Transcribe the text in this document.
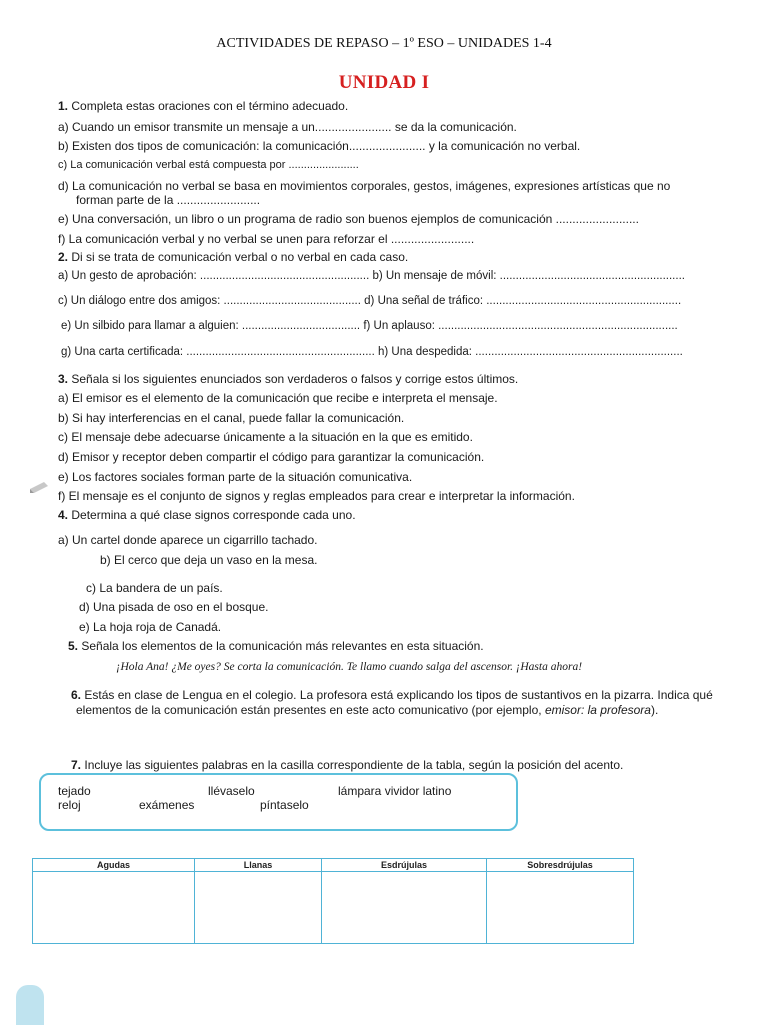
ACTIVIDADES DE REPASO – 1º ESO – UNIDADES 1-4
UNIDAD I
1. Completa estas oraciones con el término adecuado.
a) Cuando un emisor transmite un mensaje a un....................... se da la comunicación.
b) Existen dos tipos de comunicación: la comunicación....................... y la comunicación no verbal.
c) La comunicación verbal está compuesta por .......................
d) La comunicación no verbal se basa en movimientos corporales, gestos, imágenes, expresiones artísticas que no
forman parte de la .........................
e) Una conversación, un libro o un programa de radio son buenos ejemplos de comunicación .........................
f) La comunicación verbal y no verbal se unen para reforzar el .........................
2. Di si se trata de comunicación verbal o no verbal en cada caso.
a) Un gesto de aprobación: ..................................................... b) Un mensaje de móvil: ..........................................................
c) Un diálogo entre dos amigos: ........................................... d) Una señal de tráfico: .............................................................
e) Un silbido para llamar a alguien: ..................................... f) Un aplauso: ...........................................................................
g) Una carta certificada: ........................................................... h) Una despedida: .................................................................
3. Señala si los siguientes enunciados son verdaderos o falsos y corrige estos últimos.
a) El emisor es el elemento de la comunicación que recibe e interpreta el mensaje.
b) Si hay interferencias en el canal, puede fallar la comunicación.
c) El mensaje debe adecuarse únicamente a la situación en la que es emitido.
d) Emisor y receptor deben compartir el código para garantizar la comunicación.
e) Los factores sociales forman parte de la situación comunicativa.
f) El mensaje es el conjunto de signos y reglas empleados para crear e interpretar la información.
4. Determina a qué clase signos corresponde cada uno.
a) Un cartel donde aparece un cigarrillo tachado.
b) El cerco que deja un vaso en la mesa.
c) La bandera de un país.
d) Una pisada de oso en el bosque.
e) La hoja roja de Canadá.
5. Señala los elementos de la comunicación más relevantes en esta situación.
¡Hola Ana! ¿Me oyes? Se corta la comunicación. Te llamo cuando salga del ascensor. ¡Hasta ahora!
6. Estás en clase de Lengua en el colegio. La profesora está explicando los tipos de sustantivos en la pizarra. Indica qué
elementos de la comunicación están presentes en este acto comunicativo (por ejemplo, emisor: la profesora).
7. Incluye las siguientes palabras en la casilla correspondiente de la tabla, según la posición del acento.
tejado	llévaselo	lámpara vividor latino
reloj	exámenes	píntaselo
Agudas	Llanas	Esdrújulas	Sobresdrújulas
